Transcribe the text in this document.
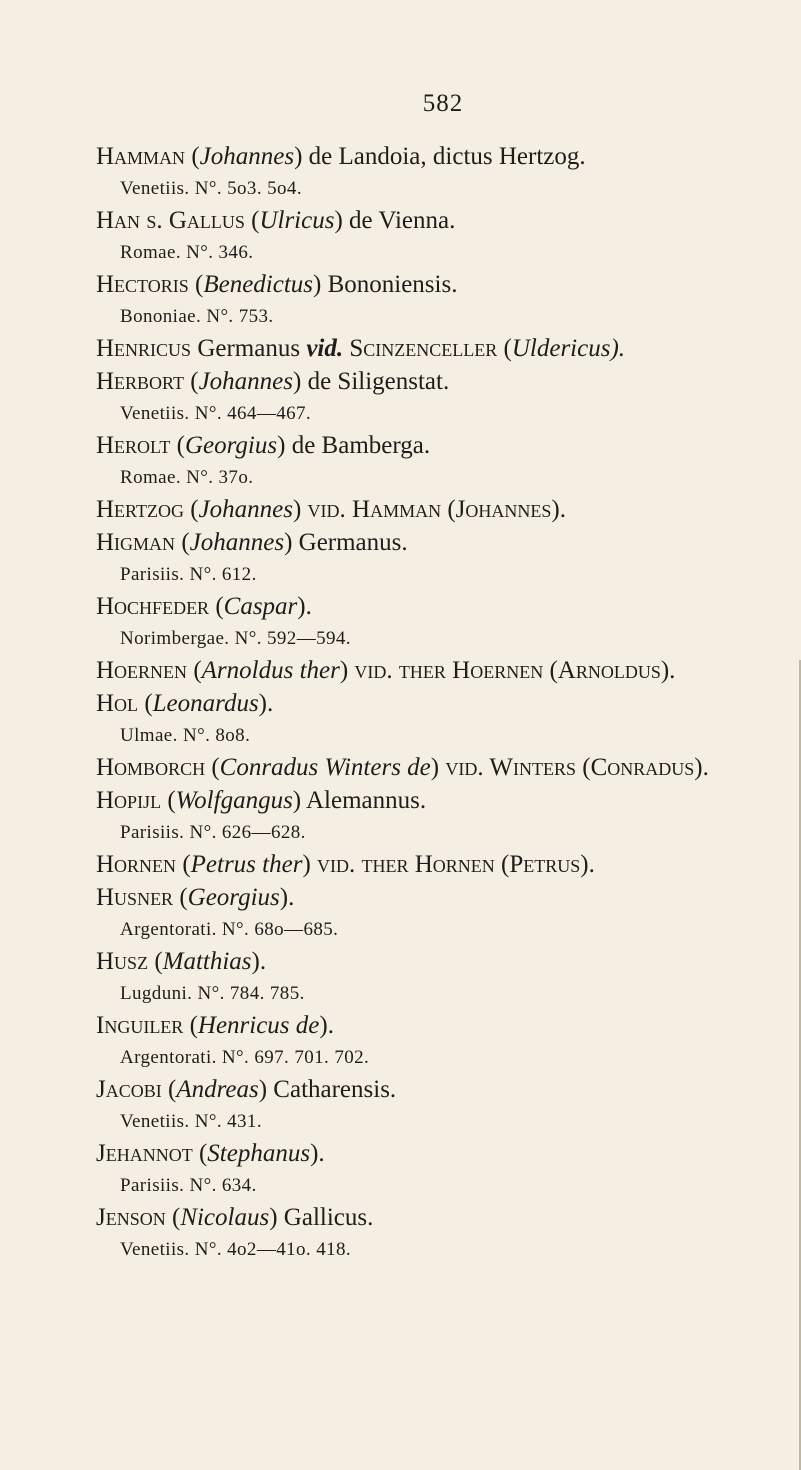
582
Hamman (Johannes) de Landoia, dictus Hertzog.
Venetiis. N°. 5o3. 5o4.
Han s. Gallus (Ulricus) de Vienna.
Romae. N°. 346.
Hectoris (Benedictus) Bononiensis.
Bononiae. N°. 753.
Henricus Germanus vid. Scinzenceller (Uldericus).
Herbort (Johannes) de Siligenstat.
Venetiis. N°. 464—467.
Herolt (Georgius) de Bamberga.
Romae. N°. 37o.
Hertzog (Johannes) vid. Hamman (Johannes).
Higman (Johannes) Germanus.
Parisiis. N°. 612.
Hochfeder (Caspar).
Norimbergae. N°. 592—594.
Hoernen (Arnoldus ther) vid. ther Hoernen (Arnoldus).
Hol (Leonardus).
Ulmae. N°. 8o8.
Homborch (Conradus Winters de) vid. Winters (Conradus).
Hopijl (Wolfgangus) Alemannus.
Parisiis. N°. 626—628.
Hornen (Petrus ther) vid. ther Hornen (Petrus).
Husner (Georgius).
Argentorati. N°. 68o—685.
Husz (Matthias).
Lugduni. N°. 784. 785.
Inguiler (Henricus de).
Argentorati. N°. 697. 701. 702.
Jacobi (Andreas) Catharensis.
Venetiis. N°. 431.
Jehannot (Stephanus).
Parisiis. N°. 634.
Jenson (Nicolaus) Gallicus.
Venetiis. N°. 4o2—41o. 418.
